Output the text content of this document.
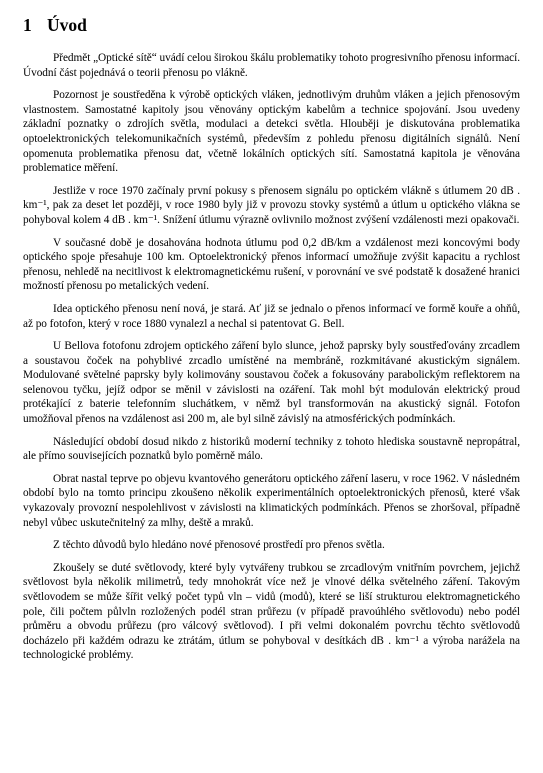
1 Úvod

Předmět „Optické sítě“ uvádí celou širokou škálu problematiky tohoto progresivního přenosu informací. Úvodní část pojednává o teorii přenosu po vlákně.

Pozornost je soustředěna k výrobě optických vláken, jednotlivým druhům vláken a jejich přenosovým vlastnostem. Samostatné kapitoly jsou věnovány optickým kabelům a technice spojování. Jsou uvedeny základní poznatky o zdrojích světla, modulaci a detekci světla. Hlouběji je diskutována problematika optoelektronických telekomunikačních systémů, především z pohledu přenosu digitálních signálů. Není opomenuta problematika přenosu dat, včetně lokálních optických sítí. Samostatná kapitola je věnována problematice měření.

Jestliže v roce 1970 začínaly první pokusy s přenosem signálu po optickém vlákně s útlumem 20 dB . km⁻¹, pak za deset let později, v roce 1980 byly již v provozu stovky systémů a útlum u optického vlákna se pohyboval kolem 4 dB . km⁻¹. Snížení útlumu výrazně ovlivnilo možnost zvýšení vzdálenosti mezi opakovači.

V současné době je dosahována hodnota útlumu pod 0,2 dB/km a vzdálenost mezi koncovými body optického spoje přesahuje 100 km. Optoelektronický přenos informací umožňuje zvýšit kapacitu a rychlost přenosu, nehledě na necitlivost k elektromagnetickému rušení, v porovnání ve své podstatě k dosažené hranici možností přenosu po metalických vedení.

Idea optického přenosu není nová, je stará. Ať již se jednalo o přenos informací ve formě kouře a ohňů, až po fotofon, který v roce 1880 vynalezl a nechal si patentovat G. Bell.

U Bellova fotofonu zdrojem optického záření bylo slunce, jehož paprsky byly soustřeďovány zrcadlem a soustavou čoček na pohyblivé zrcadlo umístěné na membráně, rozkmitávané akustickým signálem. Modulované světelné paprsky byly kolimovány soustavou čoček a fokusovány parabolickým reflektorem na selenovou tyčku, jejíž odpor se měnil v závislosti na ozáření. Tak mohl být modulován elektrický proud protékající z baterie telefonním sluchátkem, v němž byl transformován na akustický signál. Fotofon umožňoval přenos na vzdálenost asi 200 m, ale byl silně závislý na atmosférických podmínkách.

Následující období dosud nikdo z historiků moderní techniky z tohoto hlediska soustavně nepropátral, ale přímo souvisejících poznatků bylo poměrně málo.

Obrat nastal teprve po objevu kvantového generátoru optického záření laseru, v roce 1962. V následném období bylo na tomto principu zkoušeno několik experimentálních optoelektronických přenosů, které však vykazovaly provozní nespolehlivost v závislosti na klimatických podmínkách. Přenos se zhoršoval, případně nebyl vůbec uskutečnitelný za mlhy, deště a mraků.

Z těchto důvodů bylo hledáno nové přenosové prostředí pro přenos světla.

Zkoušely se duté světlovody, které byly vytvářeny trubkou se zrcadlovým vnitřním povrchem, jejichž světlovost byla několik milimetrů, tedy mnohokrát více než je vlnové délka světelného záření. Takovým světlovodem se může šířit velký počet typů vln – vidů (modů), které se liší strukturou elektromagnetického pole, čili počtem půlvln rozložených podél stran průřezu (v případě pravoúhlého světlovodu) nebo podél průměru a obvodu průřezu (pro válcový světlovod). I při velmi dokonalém povrchu těchto světlovodů docházelo při každém odrazu ke ztrátám, útlum se pohyboval v desítkách dB . km⁻¹ a výroba narážela na technologické problémy.
